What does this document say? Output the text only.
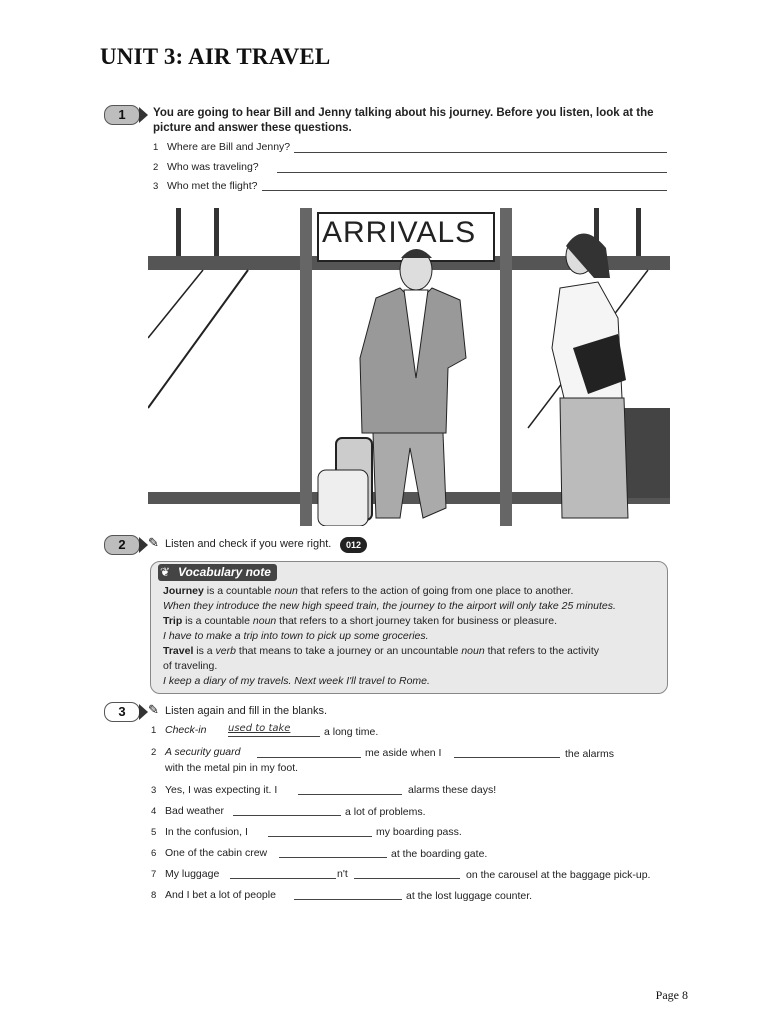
UNIT 3: AIR TRAVEL
1	You are going to hear Bill and Jenny talking about his journey. Before you listen, look at the
picture and answer these questions.
1 Where are Bill and Jenny?
2 Who was traveling?
3 Who met the flight?
ARRIVALS
2	✎ Listen and check if you were right.	012
Vocabulary note
❦
Journey is a countable noun that refers to the action of going from one place to another.
When they introduce the new high speed train, the journey to the airport will only take 25 minutes.
Trip is a countable noun that refers to a short journey taken for business or pleasure.
I have to make a trip into town to pick up some groceries.
Travel is a verb that means to take a journey or an uncountable noun that refers to the activity
of traveling.
I keep a diary of my travels. Next week I'll travel to Rome.
3	✎ Listen again and fill in the blanks.
1 Check-in used to take	a long time.
2 A security guard	me aside when I	the alarms
with the metal pin in my foot.
3 Yes, I was expecting it. I	alarms these days!
4 Bad weather	a lot of problems.
5 In the confusion, I	my boarding pass.
6 One of the cabin crew	at the boarding gate.
7 My luggage	n't	on the carousel at the baggage pick-up.
8 And I bet a lot of people	at the lost luggage counter.
Page 8
